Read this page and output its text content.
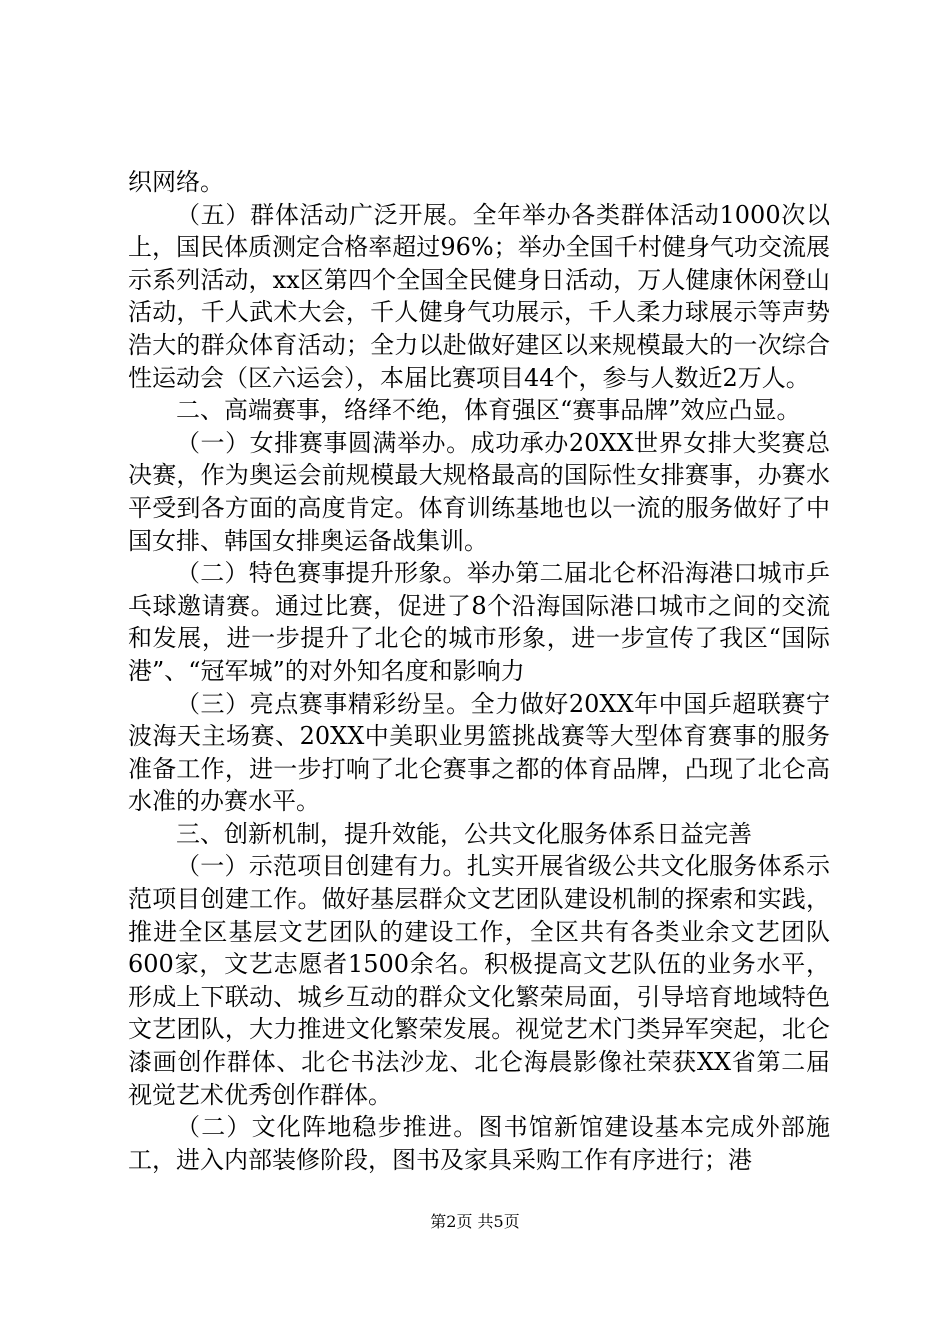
织网络。

（五）群体活动广泛开展。全年举办各类群体活动1000次以上，国民体质测定合格率超过96%；举办全国千村健身气功交流展示系列活动，xx区第四个全国全民健身日活动，万人健康休闲登山活动，千人武术大会，千人健身气功展示，千人柔力球展示等声势浩大的群众体育活动；全力以赴做好建区以来规模最大的一次综合性运动会（区六运会），本届比赛项目44个，参与人数近2万人。

二、高端赛事，络绎不绝，体育强区“赛事品牌”效应凸显。

（一）女排赛事圆满举办。成功承办20XX世界女排大奖赛总决赛，作为奥运会前规模最大规格最高的国际性女排赛事，办赛水平受到各方面的高度肯定。体育训练基地也以一流的服务做好了中国女排、韩国女排奥运备战集训。

（二）特色赛事提升形象。举办第二届北仑杯沿海港口城市乒乓球邀请赛。通过比赛，促进了8个沿海国际港口城市之间的交流和发展，进一步提升了北仑的城市形象，进一步宣传了我区“国际港”、“冠军城”的对外知名度和影响力

（三）亮点赛事精彩纷呈。全力做好20XX年中国乒超联赛宁波海天主场赛、20XX中美职业男篮挑战赛等大型体育赛事的服务准备工作，进一步打响了北仑赛事之都的体育品牌，凸现了北仑高水准的办赛水平。

三、创新机制，提升效能，公共文化服务体系日益完善

（一）示范项目创建有力。扎实开展省级公共文化服务体系示范项目创建工作。做好基层群众文艺团队建设机制的探索和实践，推进全区基层文艺团队的建设工作，全区共有各类业余文艺团队600家，文艺志愿者1500余名。积极提高文艺队伍的业务水平，形成上下联动、城乡互动的群众文化繁荣局面，引导培育地域特色文艺团队，大力推进文化繁荣发展。视觉艺术门类异军突起，北仑漆画创作群体、北仑书法沙龙、北仑海晨影像社荣获XX省第二届视觉艺术优秀创作群体。

（二）文化阵地稳步推进。图书馆新馆建设基本完成外部施工，进入内部装修阶段，图书及家具采购工作有序进行；港

第2页 共5页
